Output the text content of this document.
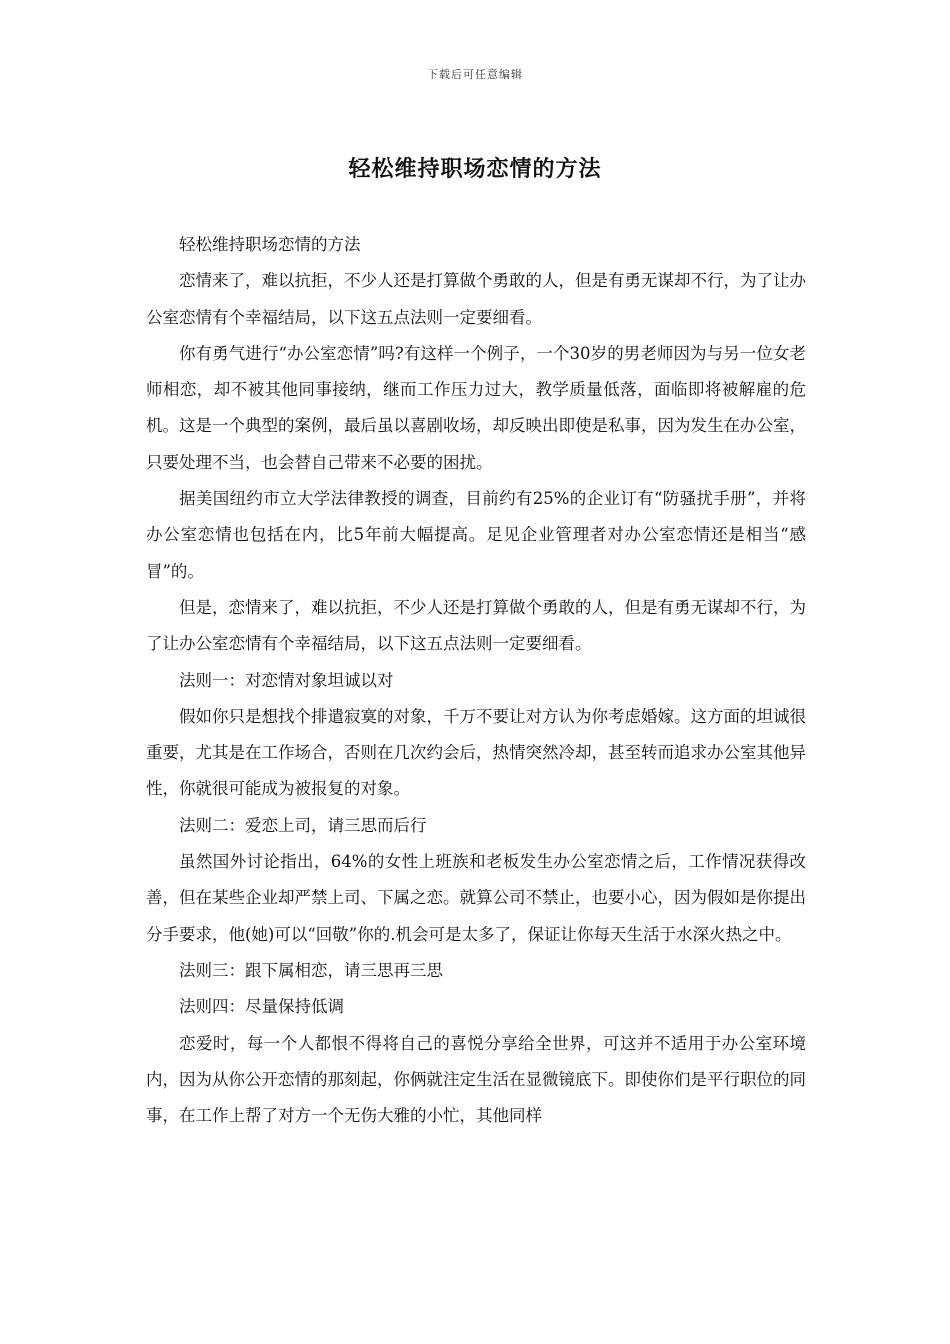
下载后可任意编辑
轻松维持职场恋情的方法

轻松维持职场恋情的方法

恋情来了，难以抗拒，不少人还是打算做个勇敢的人，但是有勇无谋却不行，为了让办公室恋情有个幸福结局，以下这五点法则一定要细看。

你有勇气进行“办公室恋情”吗?有这样一个例子，一个30岁的男老师因为与另一位女老师相恋，却不被其他同事接纳，继而工作压力过大，教学质量低落，面临即将被解雇的危机。这是一个典型的案例，最后虽以喜剧收场，却反映出即使是私事，因为发生在办公室，只要处理不当，也会替自己带来不必要的困扰。

据美国纽约市立大学法律教授的调查，目前约有25%的企业订有“防骚扰手册”，并将办公室恋情也包括在内，比5年前大幅提高。足见企业管理者对办公室恋情还是相当“感冒”的。

但是，恋情来了，难以抗拒，不少人还是打算做个勇敢的人，但是有勇无谋却不行，为了让办公室恋情有个幸福结局，以下这五点法则一定要细看。

法则一：对恋情对象坦诚以对

假如你只是想找个排遣寂寞的对象，千万不要让对方认为你考虑婚嫁。这方面的坦诚很重要，尤其是在工作场合，否则在几次约会后，热情突然冷却，甚至转而追求办公室其他异性，你就很可能成为被报复的对象。

法则二：爱恋上司，请三思而后行

虽然国外讨论指出，64%的女性上班族和老板发生办公室恋情之后，工作情况获得改善，但在某些企业却严禁上司、下属之恋。就算公司不禁止，也要小心，因为假如是你提出分手要求，他(她)可以“回敬”你的.机会可是太多了，保证让你每天生活于水深火热之中。

法则三：跟下属相恋，请三思再三思

法则四：尽量保持低调

恋爱时，每一个人都恨不得将自己的喜悦分享给全世界，可这并不适用于办公室环境内，因为从你公开恋情的那刻起，你俩就注定生活在显微镜底下。即使你们是平行职位的同事，在工作上帮了对方一个无伤大雅的小忙，其他同样
